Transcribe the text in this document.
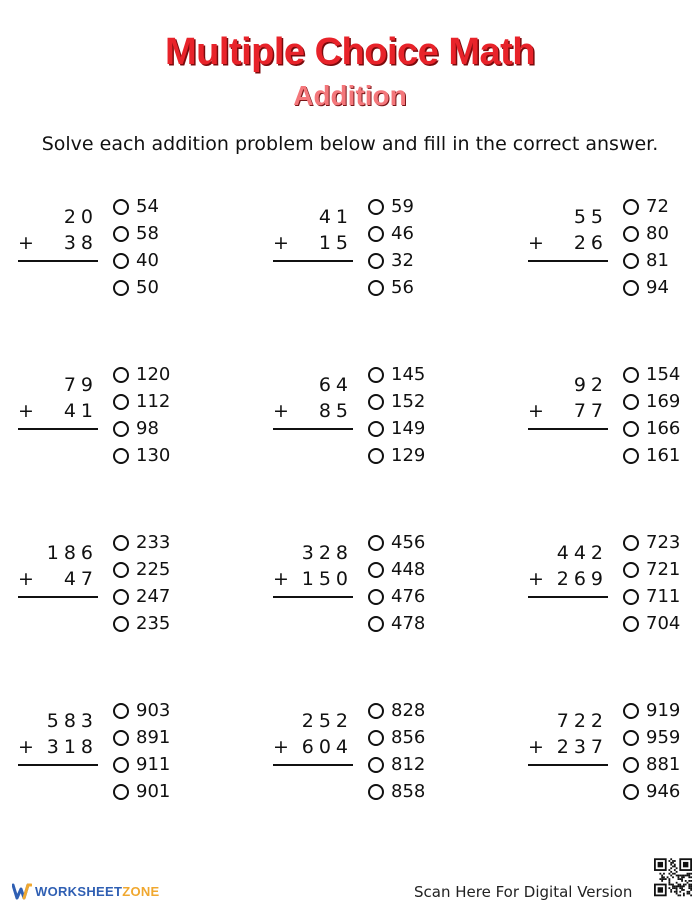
Multiple Choice Math
Addition
Solve each addition problem below and fill in the correct answer.
20
+ 38
54
58
40
50
41
+ 15
59
46
32
56
55
+ 26
72
80
81
94
79
+ 41
120
112
98
130
64
+ 85
145
152
149
129
92
+ 77
154
169
166
161
186
+ 47
233
225
247
235
328
+ 150
456
448
476
478
442
+ 269
723
721
711
704
583
+ 318
903
891
911
901
252
+ 604
828
856
812
858
722
+ 237
919
959
881
946
WORKSHEETZONE	Scan Here For Digital Version
